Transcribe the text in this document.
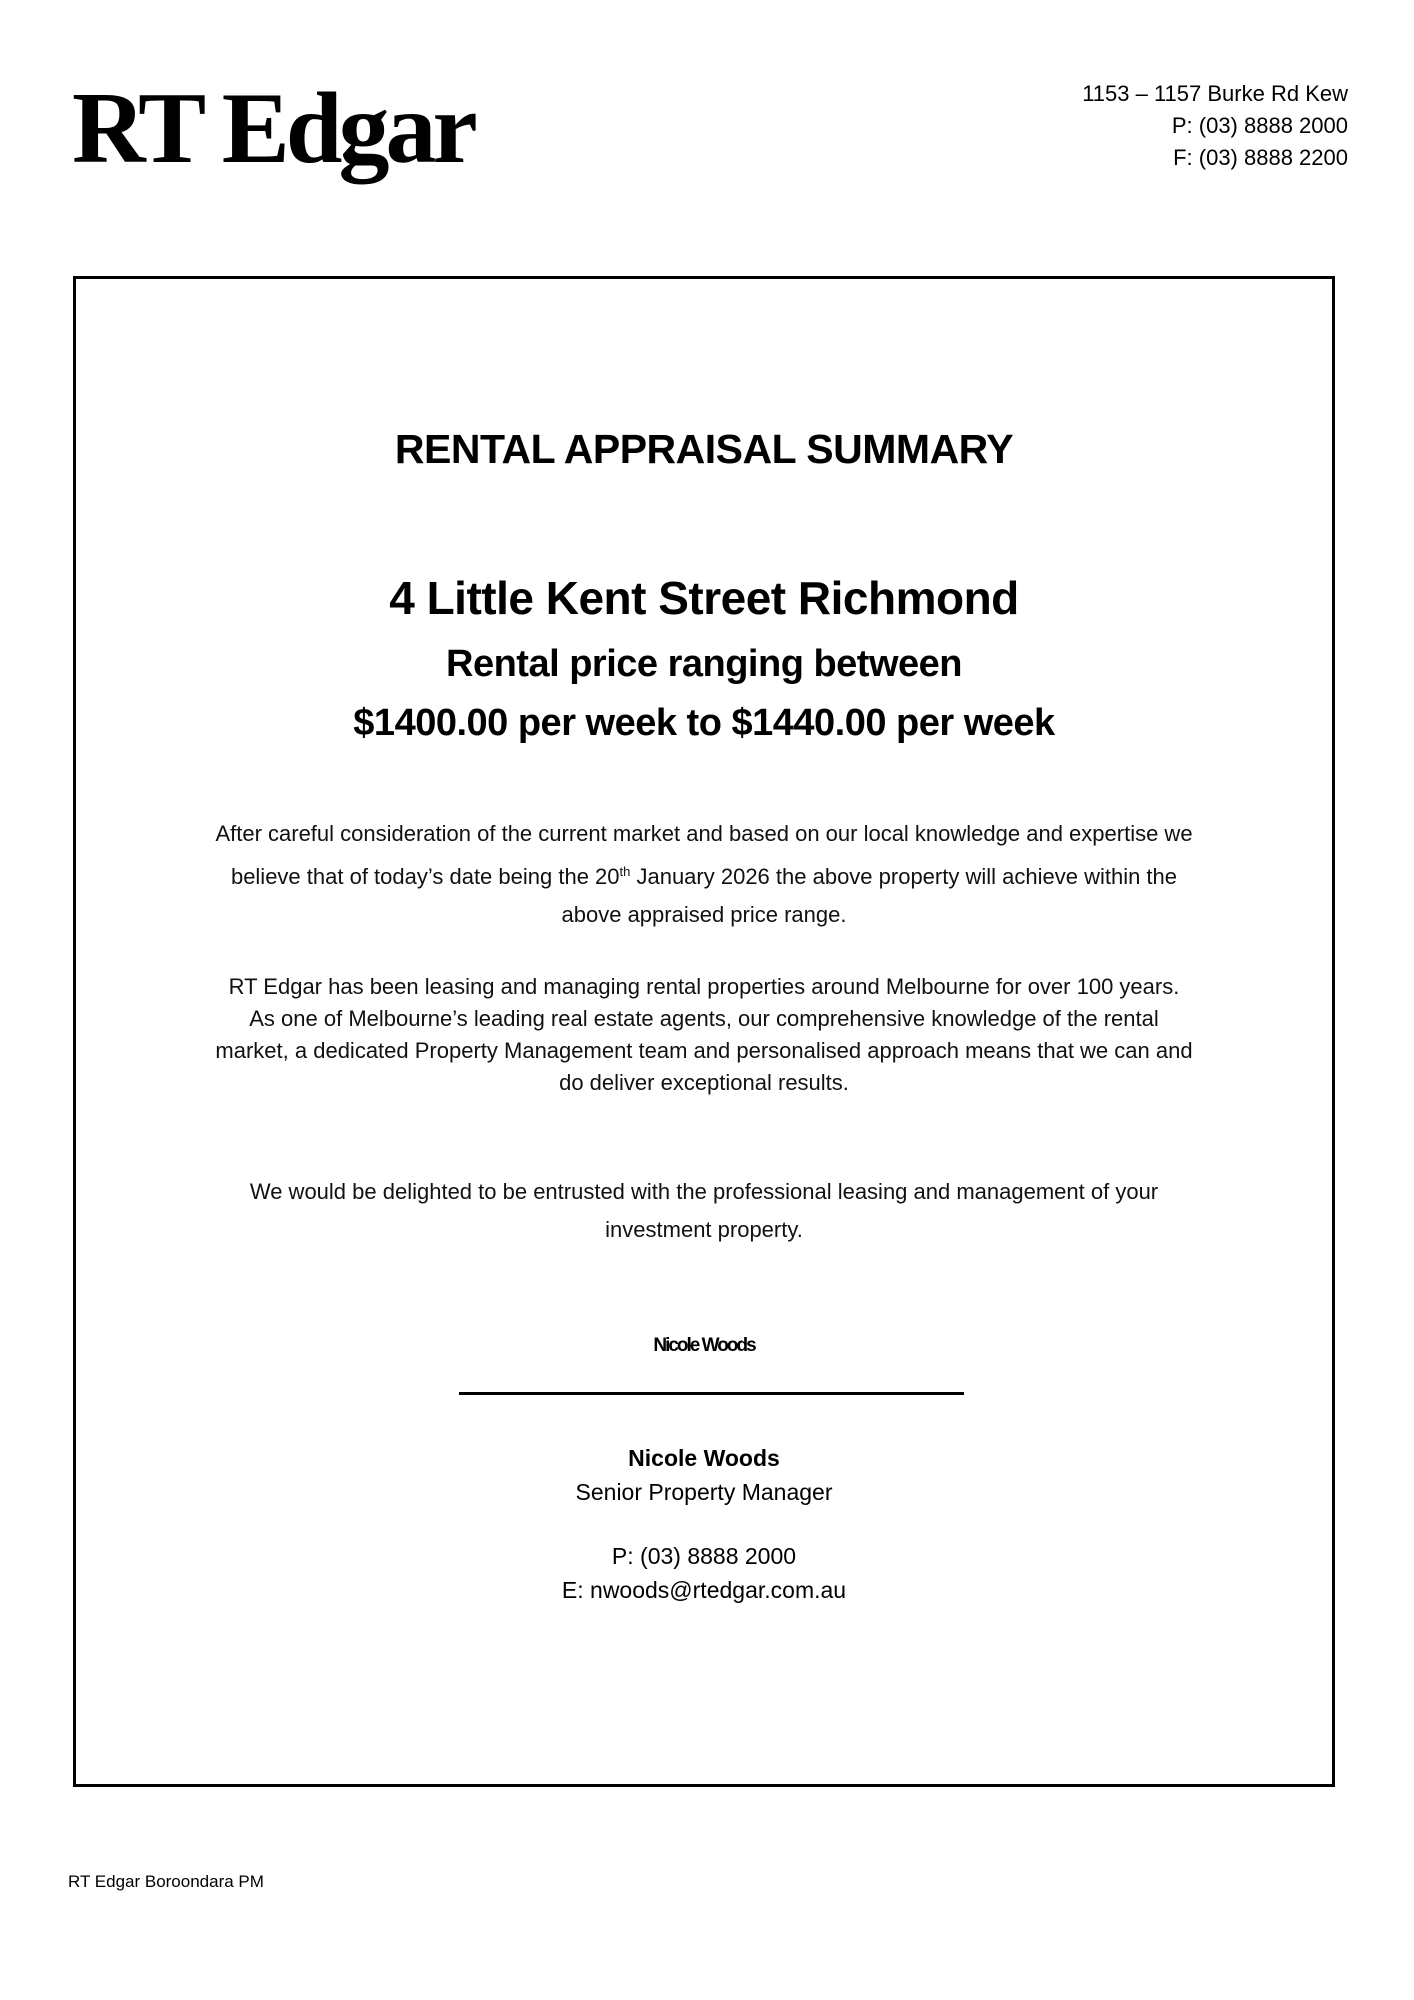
RT Edgar	1153 – 1157 Burke Rd Kew
P: (03) 8888 2000
F: (03) 8888 2200
RENTAL APPRAISAL SUMMARY
4 Little Kent Street Richmond
Rental price ranging between
$1400.00 per week to $1440.00 per week
After careful consideration of the current market and based on our local knowledge and expertise we believe that of today’s date being the 20th January 2026 the above property will achieve within the above appraised price range.
RT Edgar has been leasing and managing rental properties around Melbourne for over 100 years. As one of Melbourne’s leading real estate agents, our comprehensive knowledge of the rental market, a dedicated Property Management team and personalised approach means that we can and do deliver exceptional results.
We would be delighted to be entrusted with the professional leasing and management of your investment property.
Nicole Woods
Nicole Woods
Senior Property Manager
P: (03) 8888 2000
E: nwoods@rtedgar.com.au
RT Edgar Boroondara PM
